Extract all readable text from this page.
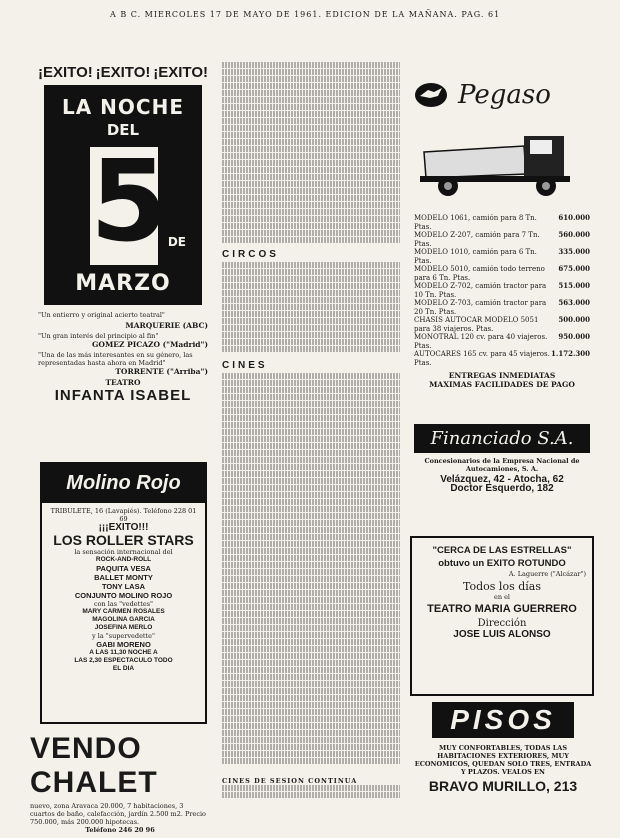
A B C. MIERCOLES 17 DE MAYO DE 1961. EDICION DE LA MAÑANA. PAG. 61
¡EXITO! ¡EXITO! ¡EXITO!
LA NOCHE
DEL
5 DE
MARZO
"Un entierro y original acierto teatral"
MARQUERIE (ABC)
"Un gran interés del principio al fin"
GOMEZ PICAZO ("Madrid")
"Una de las más interesantes en su género, las representadas hasta ahora en Madrid"
TORRENTE ("Arriba")
TEATRO
INFANTA ISABEL
Molino Rojo
TRIBULETE, 16 (Lavapiés). Teléfono 228 01 69
¡¡¡EXITO!!!
LOS ROLLER STARS
la sensación internacional del
ROCK-AND-ROLL
PAQUITA VESA
BALLET MONTY
TONY LASA
CONJUNTO MOLINO ROJO
con las "vedettes"
MARY CARMEN ROSALES
MAGOLINA GARCIA
JOSEFINA MERLO
y la "supervedette"
GABI MORENO
A LAS 11,30 NOCHE A
LAS 2,30 ESPECTACULO TODO
EL DIA
VENDO CHALET
nuevo, zona Aravaca 20.000, 7 habitaciones, 3 cuartos de baño, calefacción, jardín 2.500 m2. Precio 750.000, más 200.000 hipotecas.
Teléfono 246 20 96
CIRCOS
CINES
CINES DE SESION CONTINUA
Pegaso
MODELO 1061, camión para 8 Tn. Ptas.	610.000
MODELO Z-207, camión para 7 Tn. Ptas.	560.000
MODELO 1010, camión para 6 Tn. Ptas.	335.000
MODELO 5010, camión todo terreno para 6 Tn. Ptas.	675.000
MODELO Z-702, camión tractor para 10 Tn. Ptas.	515.000
MODELO Z-703, camión tractor para 20 Tn. Ptas.	563.000
CHASIS AUTOCAR MODELO 5051 para 38 viajeros. Ptas.	500.000
MONOTRAL 120 cv. para 40 viajeros. Ptas.	950.000
AUTOCARES 165 cv. para 45 viajeros. Ptas.	1.172.300
ENTREGAS INMEDIATAS
MAXIMAS FACILIDADES DE PAGO
Financiado S.A.
Concesionarios de la Empresa Nacional de Autocamiones, S. A.
Velázquez, 42 - Atocha, 62
Doctor Esquerdo, 182
"CERCA DE LAS ESTRELLAS" obtuvo un EXITO ROTUNDO
A. Laguerre ("Alcázar")
Todos los días
en el
TEATRO MARIA GUERRERO
Dirección
JOSE LUIS ALONSO
PISOS
MUY CONFORTABLES, TODAS LAS HABITACIONES EXTERIORES, MUY ECONOMICOS, QUEDAN SOLO TRES, ENTRADA Y PLAZOS. VEALOS EN
BRAVO MURILLO, 213
